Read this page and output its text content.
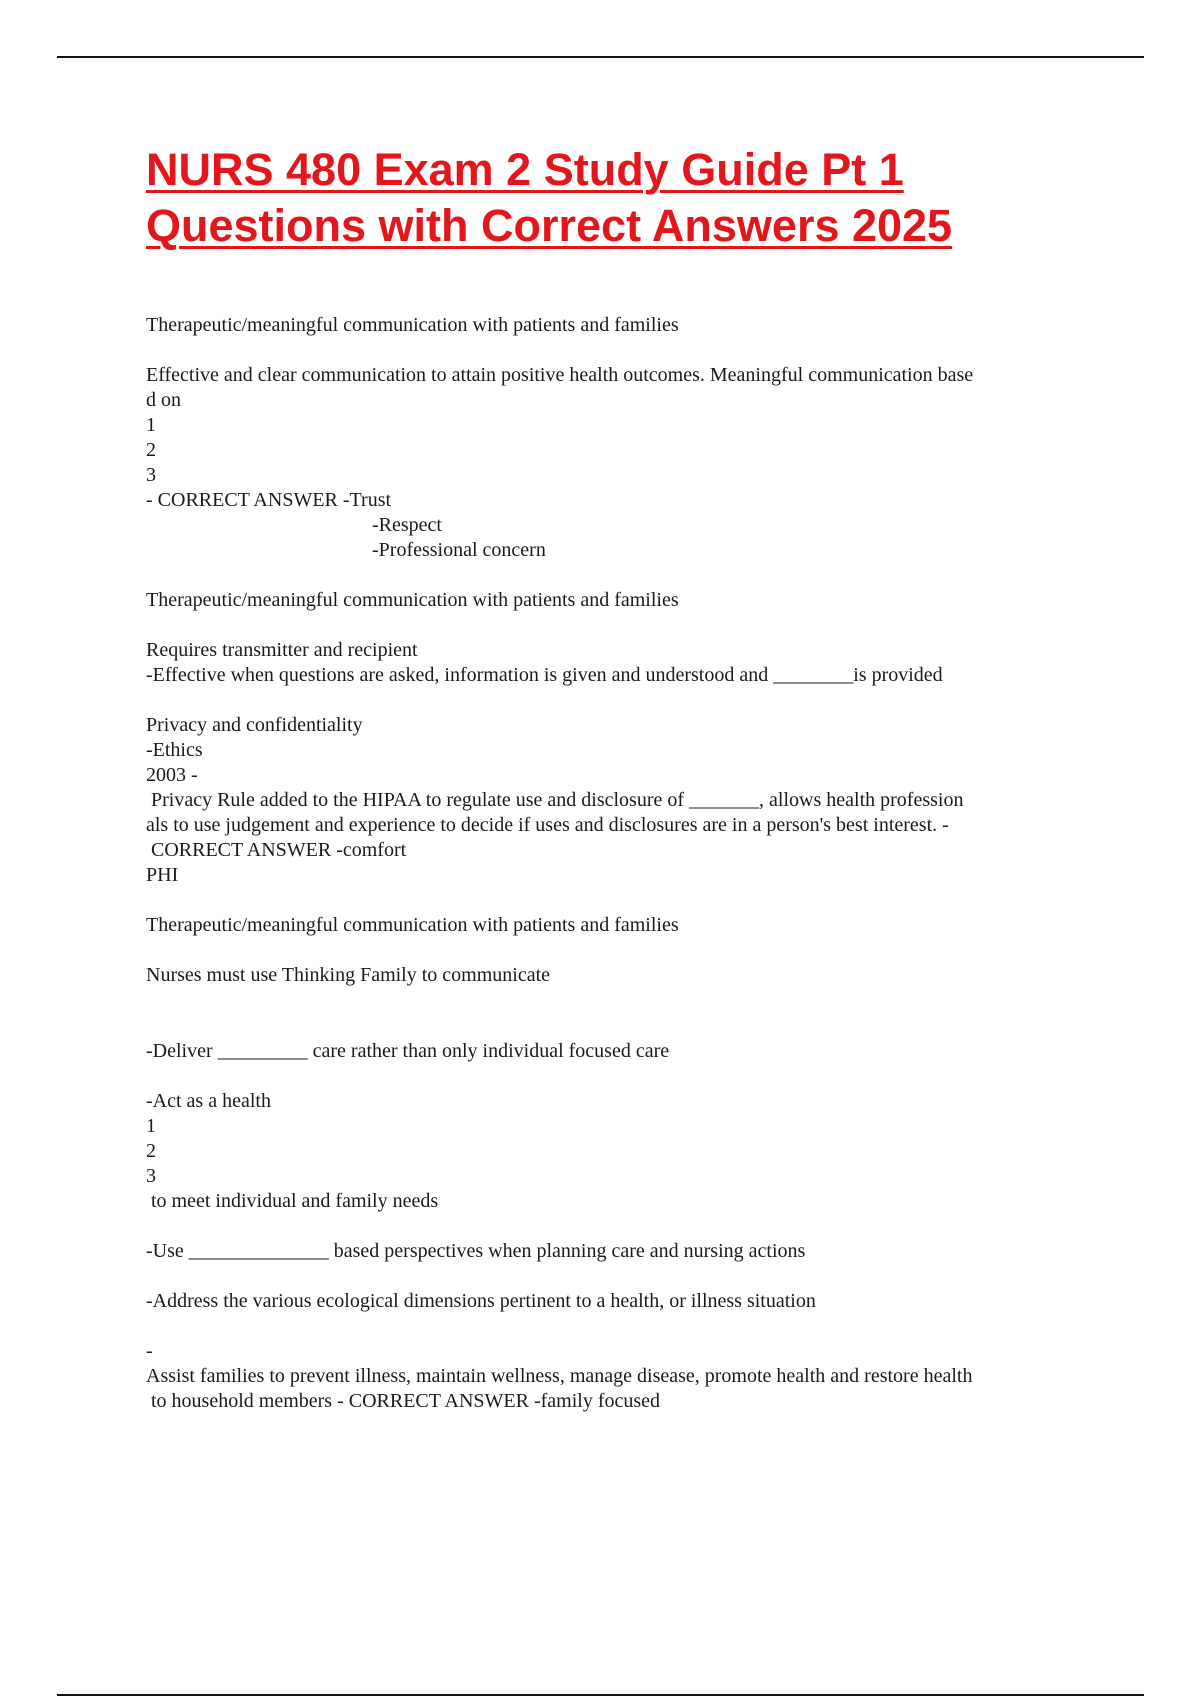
NURS 480 Exam 2 Study Guide Pt 1
Questions with Correct Answers 2025

Therapeutic/meaningful communication with patients and families

Effective and clear communication to attain positive health outcomes. Meaningful communication base

d on

1

2

3

- CORRECT ANSWER -Trust

-Respect

-Professional concern

Therapeutic/meaningful communication with patients and families

Requires transmitter and recipient

-Effective when questions are asked, information is given and understood and ________is provided

Privacy and confidentiality

-Ethics

2003 -

Privacy Rule added to the HIPAA to regulate use and disclosure of _______, allows health profession

als to use judgement and experience to decide if uses and disclosures are in a person's best interest. -

CORRECT ANSWER -comfort

PHI

Therapeutic/meaningful communication with patients and families

Nurses must use Thinking Family to communicate

-Deliver _________ care rather than only individual focused care

-Act as a health

1

2

3

to meet individual and family needs

-Use ______________ based perspectives when planning care and nursing actions

-Address the various ecological dimensions pertinent to a health, or illness situation

-

Assist families to prevent illness, maintain wellness, manage disease, promote health and restore health

to household members - CORRECT ANSWER -family focused
